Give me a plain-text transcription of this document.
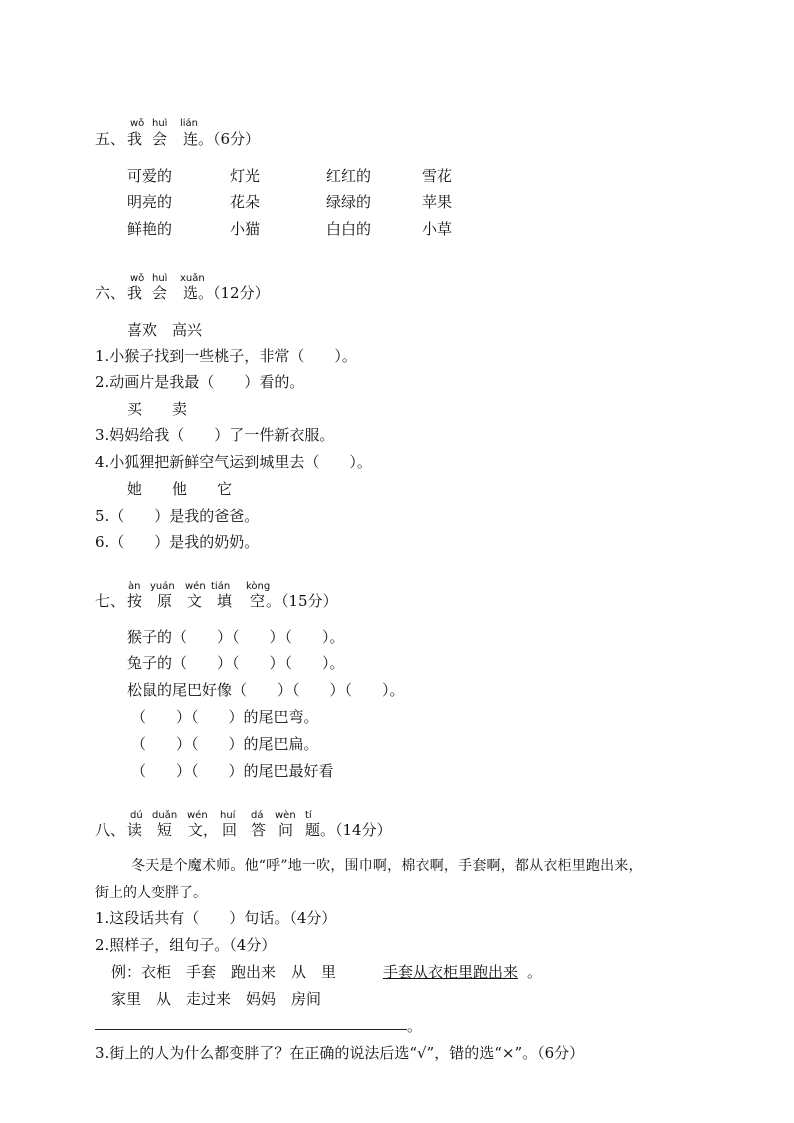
wǒ huì lián
五、 我 会 连 。（6分）
可爱的
明亮的
鲜艳的
灯光
花朵
小猫
红红的
绿绿的
白白的
雪花
苹果
小草
wǒ huì xuǎn
六、 我 会 选 。（12分）
喜欢　高兴
1.小猴子找到一些桃子，非常（　　）。
2.动画片是我最（　　）看的。
买　　卖
3.妈妈给我（　　）了一件新衣服。
4.小狐狸把新鲜空气运到城里去（　　）。
她　　他　　它
5.（　　）是我的爸爸。
6.（　　）是我的奶奶。
àn yuán wén tián kòng
七、 按 原 文 填 空 。（15分）
猴子的（　　）（　　）（　　）。
兔子的（　　）（　　）（　　）。
松鼠的尾巴好像（　　）（　　）（　　）。
（　　）（　　）的尾巴弯。
（　　）（　　）的尾巴扁。
（　　）（　　）的尾巴最好看
dú duǎn wén huí dá wèn tí
八、 读 短 文， 回 答 问 题 。（14分）
冬天是个魔术师。他“呼”地一吹，围巾啊，棉衣啊，手套啊，都从衣柜里跑出来，
街上的人变胖了。
1.这段话共有（　　）句话。（4分）
2.照样子，组句子。（4分）
例：衣柜　手套　跑出来　从　里	手套从衣柜里跑出来 。
家里　从　走过来　妈妈　房间
。
3.街上的人为什么都变胖了？在正确的说法后选“√”，错的选“×”。（6分）
